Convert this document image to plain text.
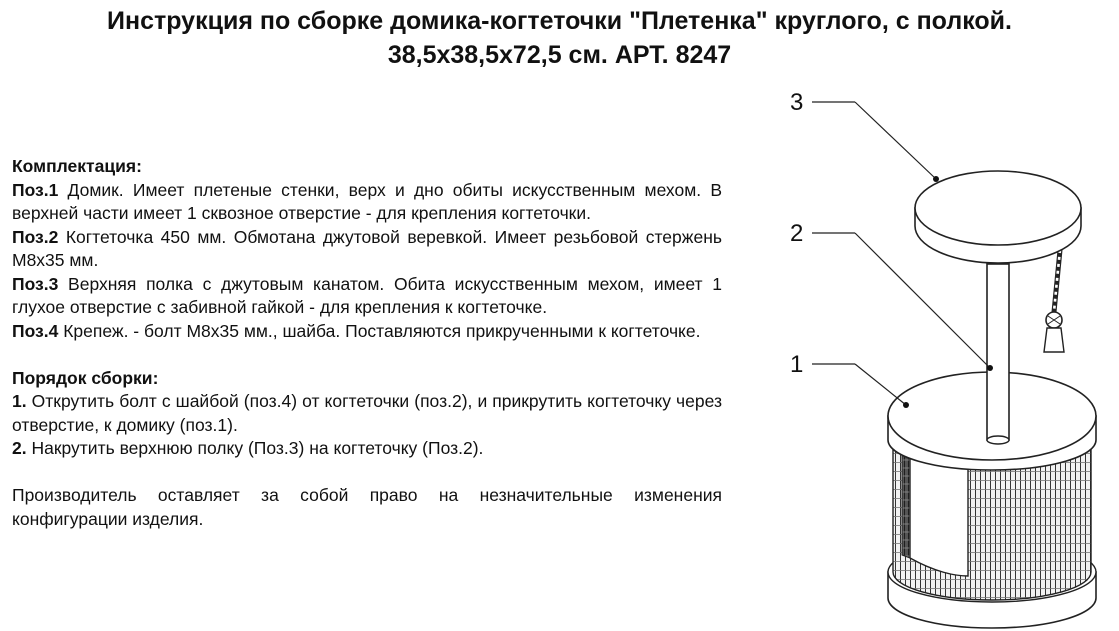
Инструкция по сборке домика-когтеточки "Плетенка" круглого, с полкой.
38,5х38,5х72,5 см. АРТ. 8247

Комплектация:

Поз.1 Домик. Имеет плетеные стенки, верх и дно обиты искусственным мехом. В верхней части имеет 1 сквозное отверстие - для крепления когтеточки.

Поз.2 Когтеточка 450 мм. Обмотана джутовой веревкой. Имеет резьбовой стержень М8х35 мм.

Поз.3 Верхняя полка с джутовым канатом. Обита искусственным мехом, имеет 1 глухое отверстие с забивной гайкой - для крепления к когтеточке.

Поз.4 Крепеж. - болт М8х35 мм., шайба. Поставляются прикрученными к когтеточке.

Порядок сборки:

1. Открутить болт с шайбой (поз.4) от когтеточки (поз.2), и прикрутить когтеточку через отверстие, к домику (поз.1).

2. Накрутить верхнюю полку (Поз.3) на когтеточку (Поз.2).

Производитель оставляет за собой право на незначительные изменения конфигурации изделия.

3
2
1
